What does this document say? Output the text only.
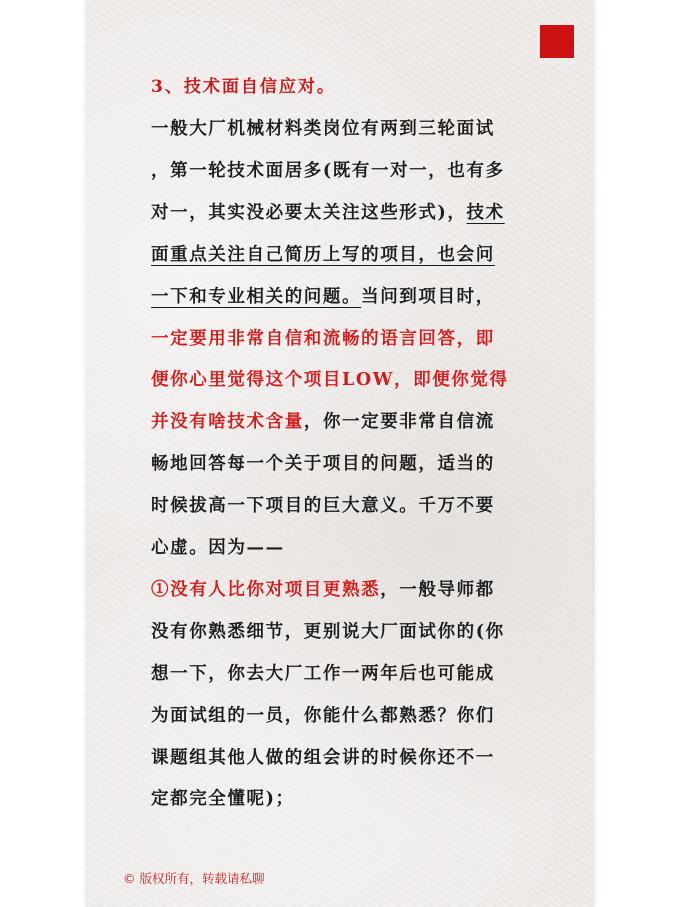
3、技术面自信应对。
一般大厂机械材料类岗位有两到三轮面试
，第一轮技术面居多(既有一对一，也有多
对一，其实没必要太关注这些形式)，技术
面重点关注自己简历上写的项目，也会问
一下和专业相关的问题。当问到项目时，
一定要用非常自信和流畅的语言回答，即
便你心里觉得这个项目LOW，即便你觉得
并没有啥技术含量，你一定要非常自信流
畅地回答每一个关于项目的问题，适当的
时候拔高一下项目的巨大意义。千万不要
心虚。因为——
①没有人比你对项目更熟悉，一般导师都
没有你熟悉细节，更别说大厂面试你的(你
想一下，你去大厂工作一两年后也可能成
为面试组的一员，你能什么都熟悉？你们
课题组其他人做的组会讲的时候你还不一
定都完全懂呢)；
© 版权所有，转载请私聊
